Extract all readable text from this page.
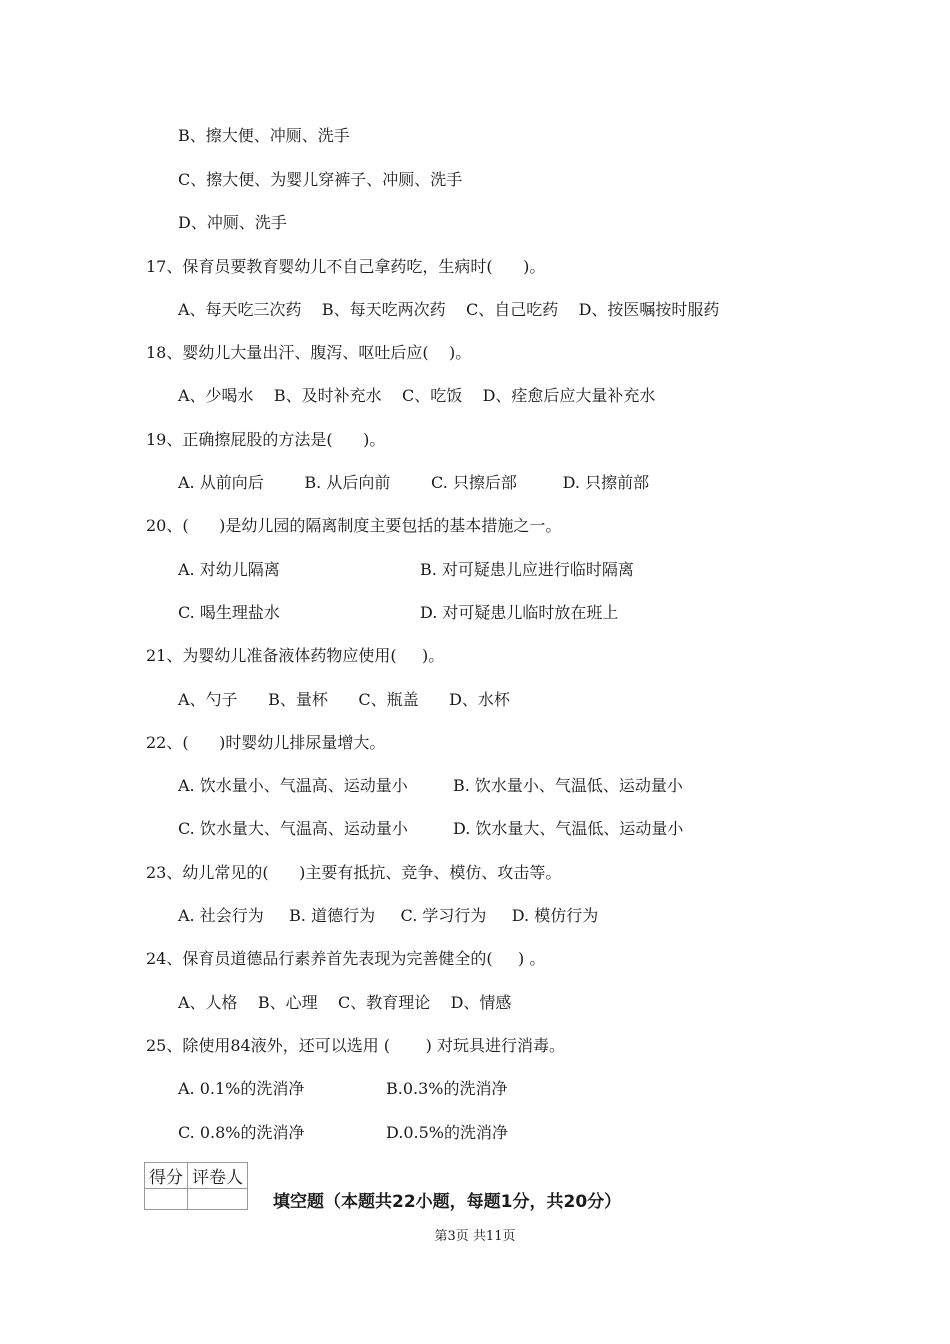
B、擦大便、冲厕、洗手
C、擦大便、为婴儿穿裤子、冲厕、洗手
D、冲厕、洗手
17、保育员要教育婴幼儿不自己拿药吃，生病时(      )。
A、每天吃三次药    B、每天吃两次药    C、自己吃药    D、按医嘱按时服药
18、婴幼儿大量出汗、腹泻、呕吐后应(    )。
A、少喝水    B、及时补充水    C、吃饭    D、痊愈后应大量补充水
19、正确擦屁股的方法是(      )。
A. 从前向后        B. 从后向前        C. 只擦后部         D. 只擦前部
20、(      )是幼儿园的隔离制度主要包括的基本措施之一。
A. 对幼儿隔离	B. 对可疑患儿应进行临时隔离
C. 喝生理盐水	D. 对可疑患儿临时放在班上
21、为婴幼儿准备液体药物应使用(     )。
A、勺子      B、量杯      C、瓶盖      D、水杯
22、(      )时婴幼儿排尿量增大。
A. 饮水量小、气温高、运动量小	B. 饮水量小、气温低、运动量小
C. 饮水量大、气温高、运动量小	D. 饮水量大、气温低、运动量小
23、幼儿常见的(      )主要有抵抗、竞争、模仿、攻击等。
A. 社会行为     B. 道德行为     C. 学习行为     D. 模仿行为
24、保育员道德品行素养首先表现为完善健全的(     ) 。
A、人格    B、心理    C、教育理论    D、情感
25、除使用84液外，还可以选用 (       ) 对玩具进行消毒。
A. 0.1%的洗消净	B.0.3%的洗消净
C. 0.8%的洗消净	D.0.5%的洗消净
得分	评卷人

填空题（本题共22小题，每题1分，共20分）
第3页 共11页
